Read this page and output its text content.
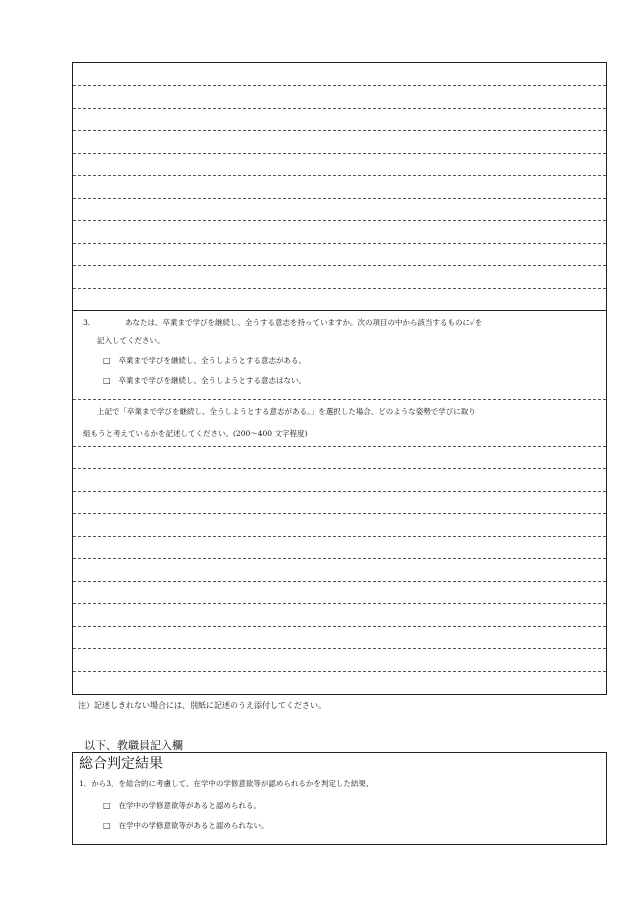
3.	あなたは、卒業まで学びを継続し、全うする意志を持っていますか。次の項目の中から該当するものに✓を
記入してください。
□ 卒業まで学びを継続し、全うしようとする意志がある。
□ 卒業まで学びを継続し、全うしようとする意志はない。
上記で「卒業まで学びを継続し、全うしようとする意志がある。」を選択した場合、どのような姿勢で学びに取り
組もうと考えているかを記述してください。(200～400 文字程度)
注）記述しきれない場合には、別紙に記述のうえ添付してください。
以下、教職員記入欄
総合判定結果
1．から3．を総合的に考慮して、在学中の学修意欲等が認められるかを判定した結果、
□ 在学中の学修意欲等があると認められる。
□ 在学中の学修意欲等があると認められない。
